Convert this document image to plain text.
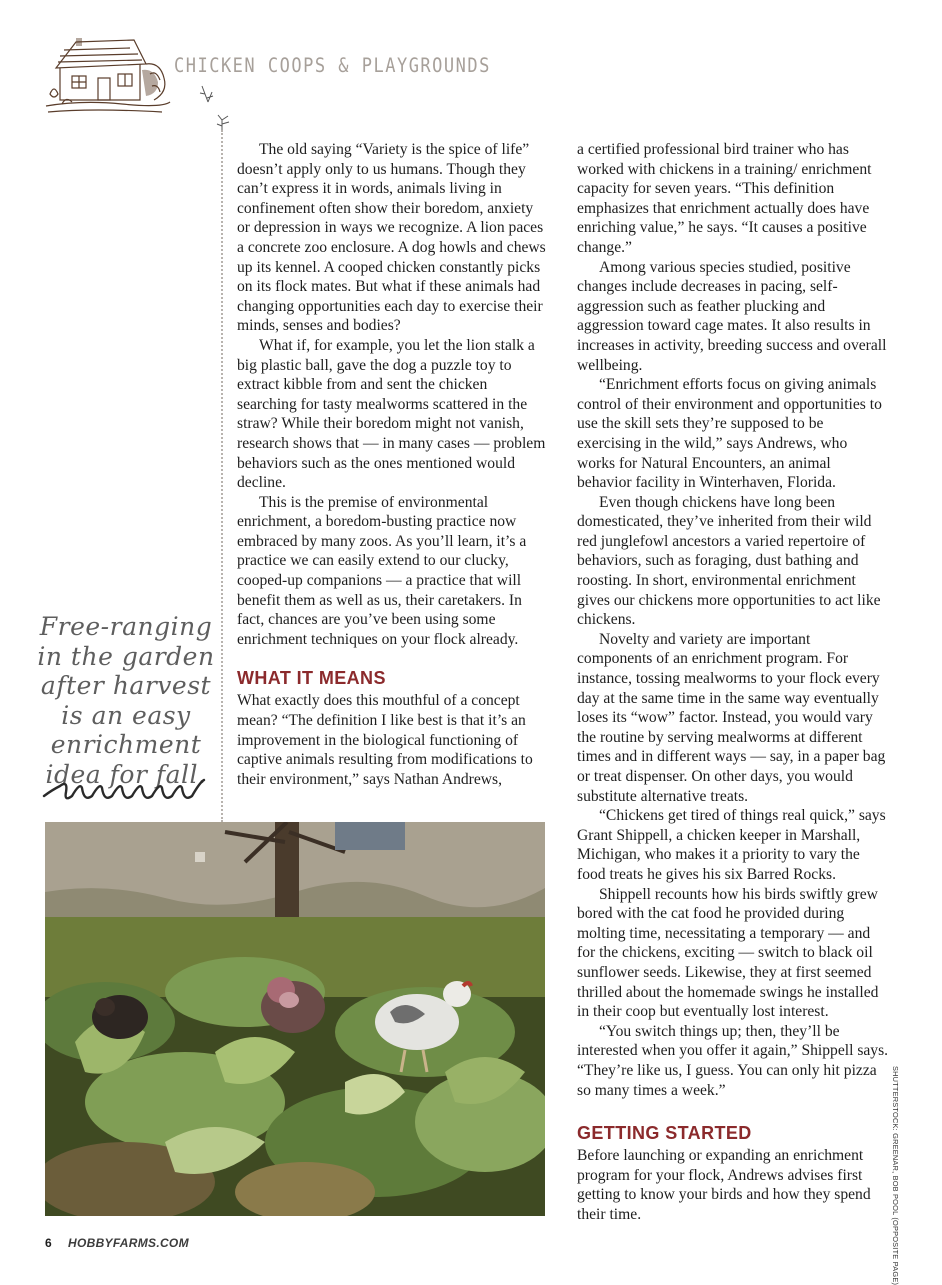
CHICKEN COOPS & PLAYGROUNDS

The old saying “Variety is the spice of life” doesn’t apply only to us humans. Though they can’t express it in words, animals living in confinement often show their boredom, anxiety or depression in ways we recognize. A lion paces a concrete zoo enclosure. A dog howls and chews up its kennel. A cooped chicken constantly picks on its flock mates. But what if these animals had changing opportunities each day to exercise their minds, senses and bodies?

What if, for example, you let the lion stalk a big plastic ball, gave the dog a puzzle toy to extract kibble from and sent the chicken searching for tasty mealworms scattered in the straw? While their boredom might not vanish, research shows that — in many cases — problem behaviors such as the ones mentioned would decline.

This is the premise of environmental enrichment, a boredom-busting practice now embraced by many zoos. As you’ll learn, it’s a practice we can easily extend to our clucky, cooped-up companions — a practice that will benefit them as well as us, their caretakers. In fact, chances are you’ve been using some enrichment techniques on your flock already.

WHAT IT MEANS

What exactly does this mouthful of a concept mean? “The definition I like best is that it’s an improvement in the biological functioning of captive animals resulting from modifications to their environment,” says Nathan Andrews,

a certified professional bird trainer who has worked with chickens in a training/ enrichment capacity for seven years. “This definition emphasizes that enrichment actually does have enriching value,” he says. “It causes a positive change.”

Among various species studied, positive changes include decreases in pacing, self-aggression such as feather plucking and aggression toward cage mates. It also results in increases in activity, breeding success and overall wellbeing.

“Enrichment efforts focus on giving animals control of their environment and opportunities to use the skill sets they’re supposed to be exercising in the wild,” says Andrews, who works for Natural Encounters, an animal behavior facility in Winterhaven, Florida.

Even though chickens have long been domesticated, they’ve inherited from their wild red junglefowl ancestors a varied repertoire of behaviors, such as foraging, dust bathing and roosting. In short, environmental enrichment gives our chickens more opportunities to act like chickens.

Novelty and variety are important components of an enrichment program. For instance, tossing mealworms to your flock every day at the same time in the same way eventually loses its “wow” factor. Instead, you would vary the routine by serving mealworms at different times and in different ways — say, in a paper bag or treat dispenser. On other days, you would substitute alternative treats.

“Chickens get tired of things real quick,” says Grant Shippell, a chicken keeper in Marshall, Michigan, who makes it a priority to vary the food treats he gives his six Barred Rocks.

Shippell recounts how his birds swiftly grew bored with the cat food he provided during molting time, necessitating a temporary — and for the chickens, exciting — switch to black oil sunflower seeds. Likewise, they at first seemed thrilled about the homemade swings he installed in their coop but eventually lost interest.

“You switch things up; then, they’ll be interested when you offer it again,” Shippell says. “They’re like us, I guess. You can only hit pizza so many times a week.”

GETTING STARTED

Before launching or expanding an enrichment program for your flock, Andrews advises first getting to know your birds and how they spend their time.

Free-ranging in the garden after harvest is an easy enrichment idea for fall.
SHUTTERSTOCK: GREENAR, BOB POOL (OPPOSITE PAGE)
6 HOBBYFARMS.COM
